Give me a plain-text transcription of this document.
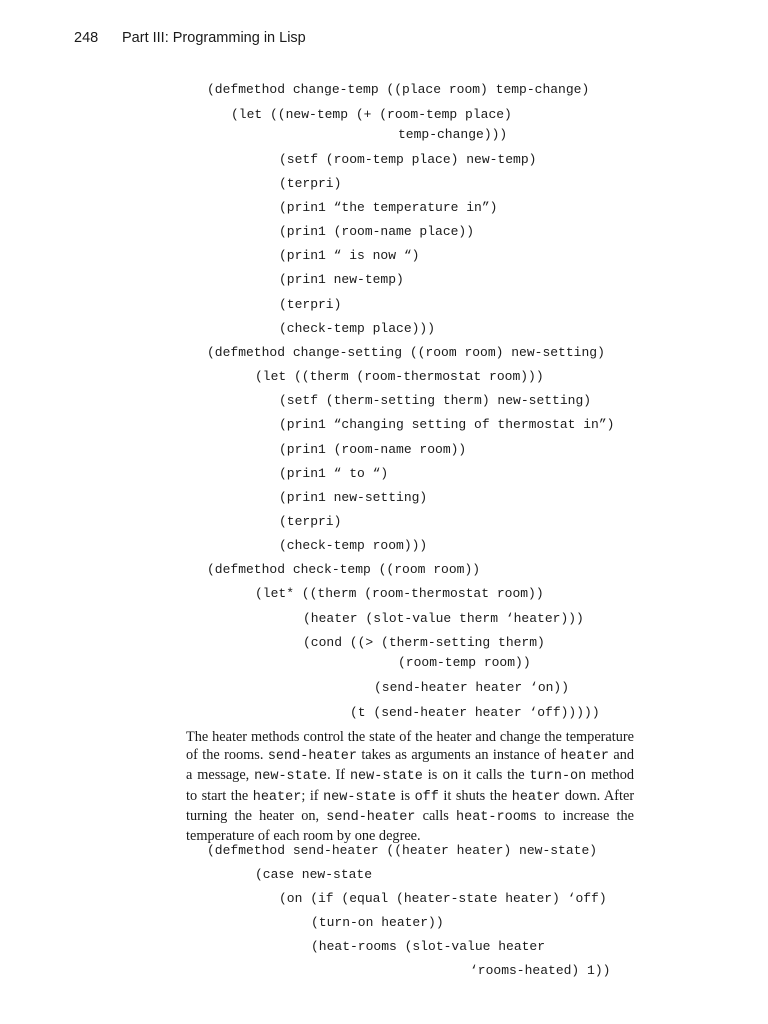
248 Part III: Programming in Lisp

(defmethod change-temp ((place room) temp-change)

(let ((new-temp (+ (room-temp place)

temp-change)))

(setf (room-temp place) new-temp)

(terpri)

(prin1 “the temperature in”)

(prin1 (room-name place))

(prin1 “ is now “)

(prin1 new-temp)

(terpri)

(check-temp place)))

(defmethod change-setting ((room room) new-setting)

(let ((therm (room-thermostat room)))

(setf (therm-setting therm) new-setting)

(prin1 “changing setting of thermostat in”)

(prin1 (room-name room))

(prin1 “ to “)

(prin1 new-setting)

(terpri)

(check-temp room)))

(defmethod check-temp ((room room))

(let* ((therm (room-thermostat room))

(heater (slot-value therm ‘heater)))

(cond ((> (therm-setting therm)

(room-temp room))

(send-heater heater ‘on))

(t (send-heater heater ‘off)))))

The heater methods control the state of the heater and change the temperature of the rooms. send-heater takes as arguments an instance of heater and a message, new-state. If new-state is on it calls the turn-on method to start the heater; if new-state is off it shuts the heater down. After turning the heater on, send-heater calls heat-rooms to increase the temperature of each room by one degree.

(defmethod send-heater ((heater heater) new-state)

(case new-state

(on (if (equal (heater-state heater) ‘off)

(turn-on heater))

(heat-rooms (slot-value heater

‘rooms-heated) 1))
